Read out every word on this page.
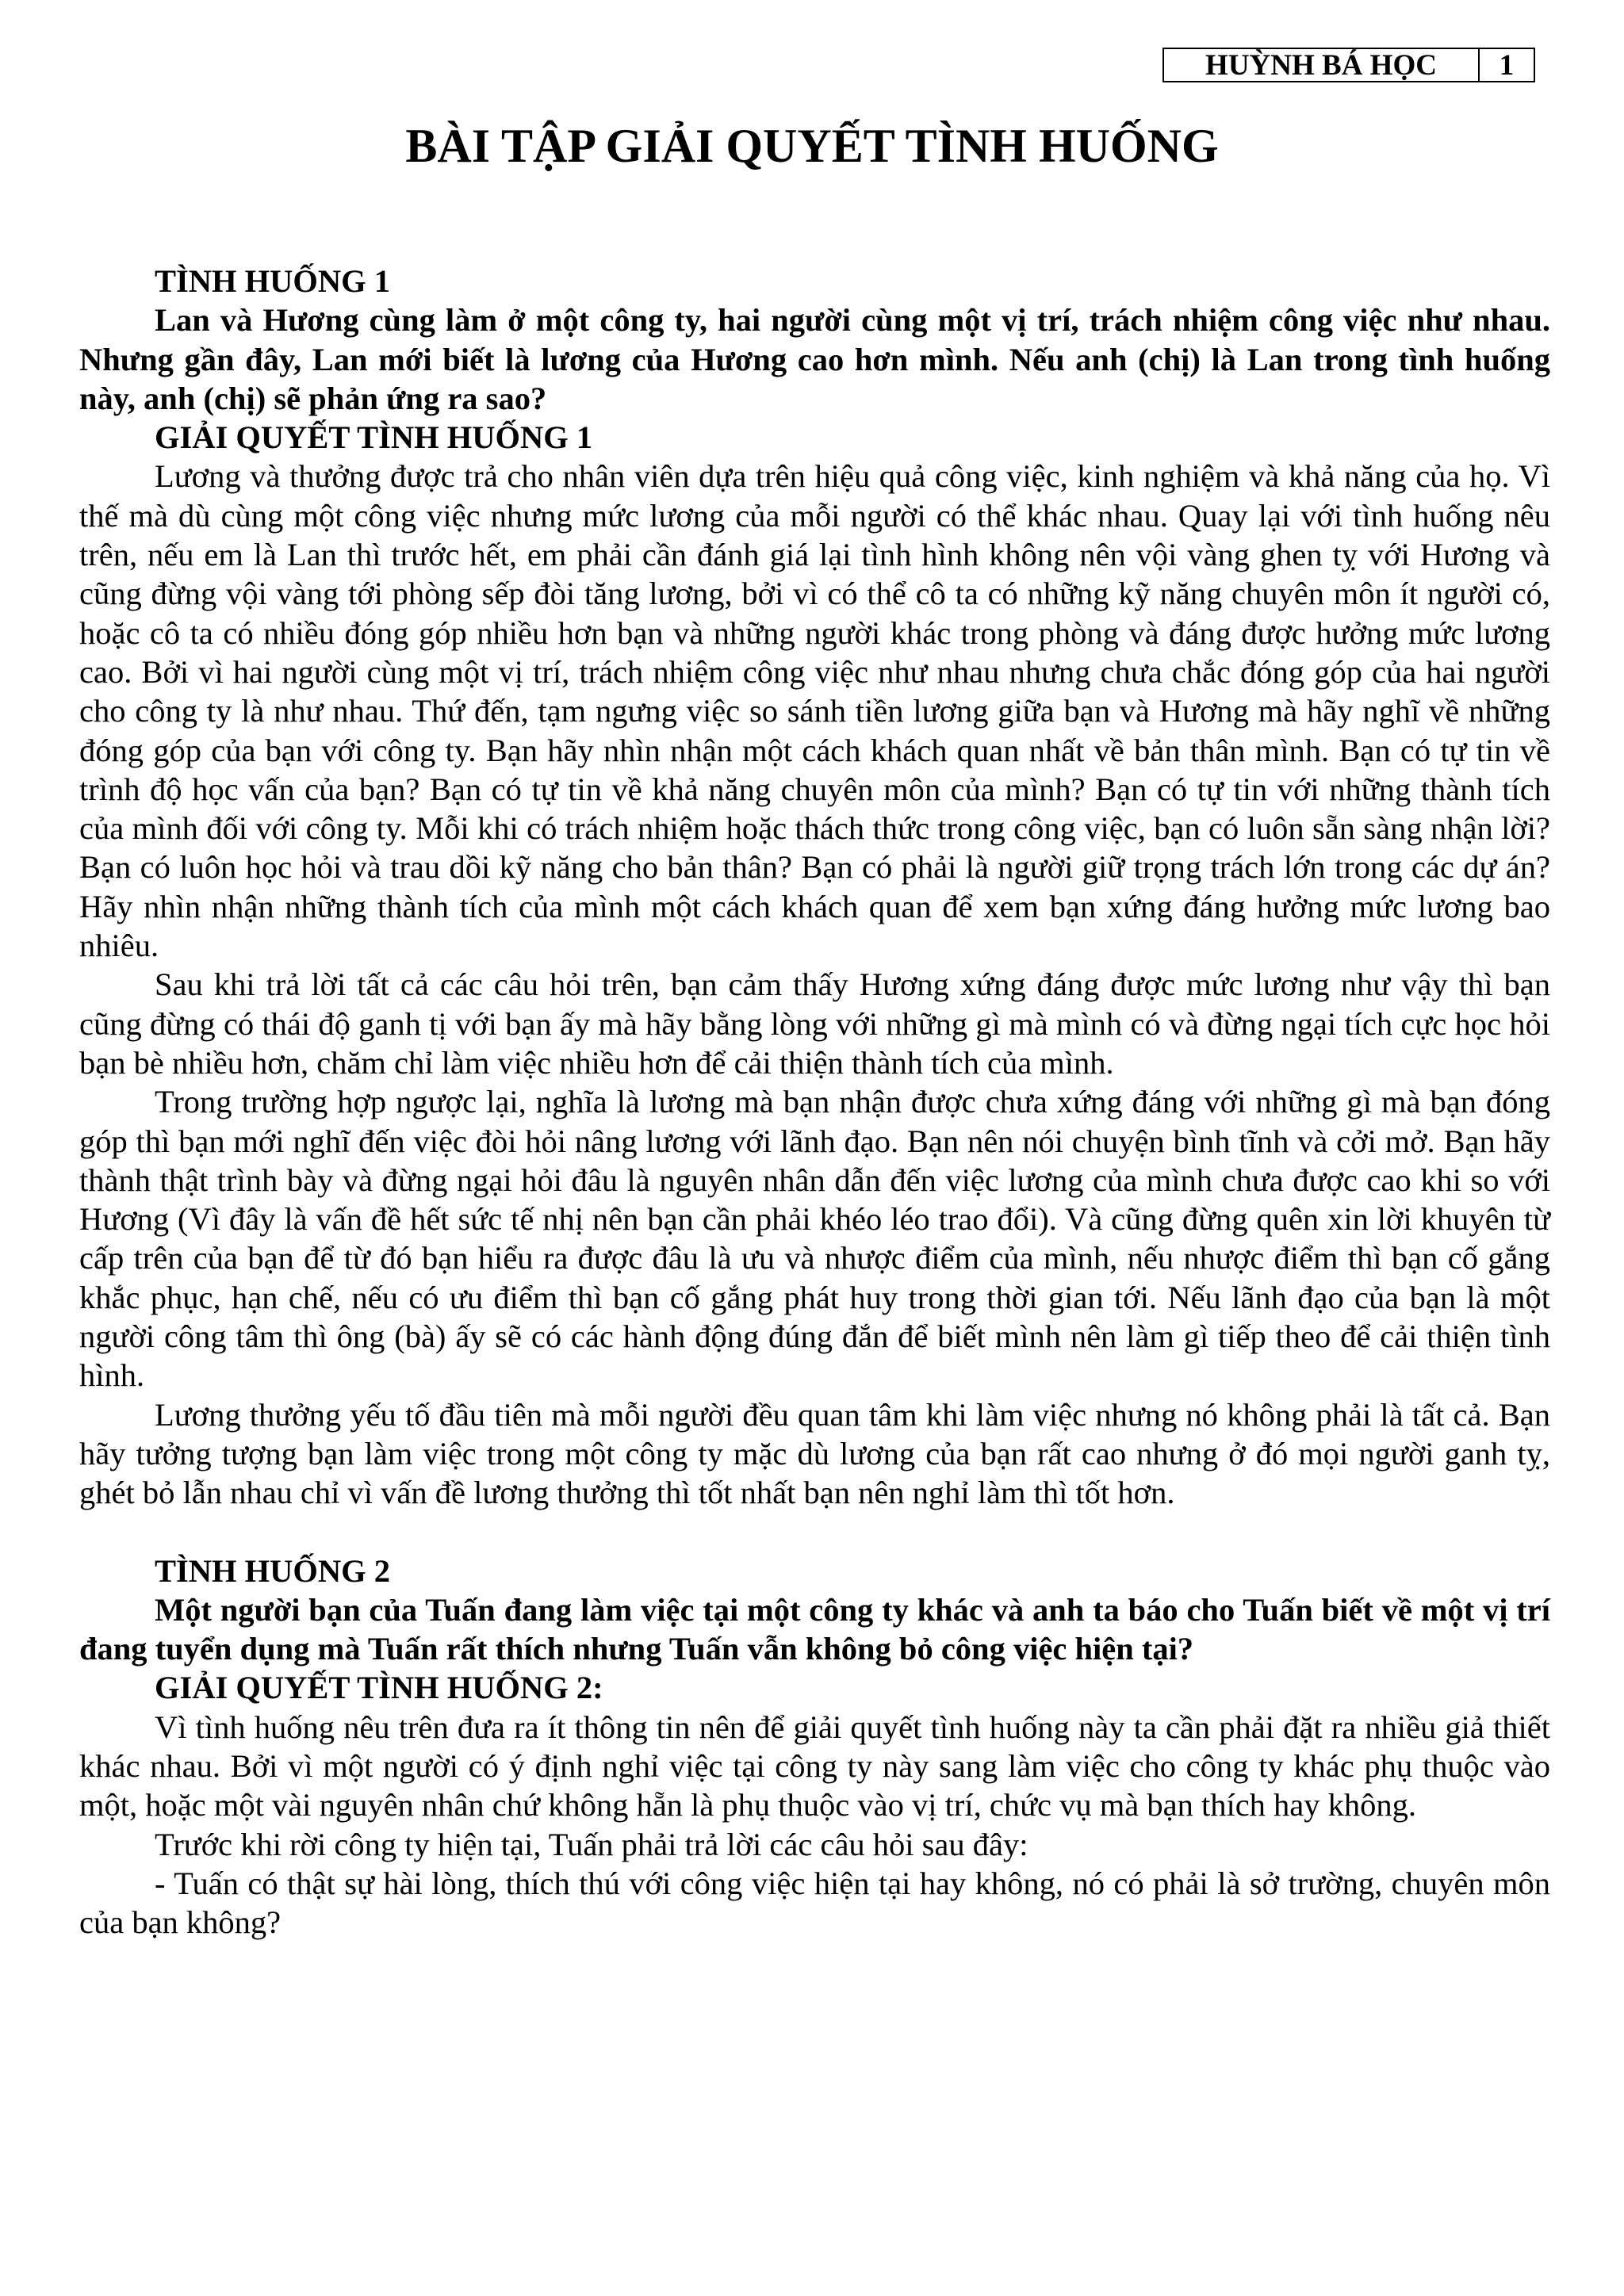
HUỲNH BÁ HỌC	1
BÀI TẬP GIẢI QUYẾT TÌNH HUỐNG

TÌNH HUỐNG 1

Lan và Hương cùng làm ở một công ty, hai người cùng một vị trí, trách nhiệm công việc như nhau. Nhưng gần đây, Lan mới biết là lương của Hương cao hơn mình. Nếu anh (chị) là Lan trong tình huống này, anh (chị) sẽ phản ứng ra sao?

GIẢI QUYẾT TÌNH HUỐNG 1

Lương và thưởng được trả cho nhân viên dựa trên hiệu quả công việc, kinh nghiệm và khả năng của họ. Vì thế mà dù cùng một công việc nhưng mức lương của mỗi người có thể khác nhau. Quay lại với tình huống nêu trên, nếu em là Lan thì trước hết, em phải cần đánh giá lại tình hình không nên vội vàng ghen tỵ với Hương và cũng đừng vội vàng tới phòng sếp đòi tăng lương, bởi vì có thể cô ta có những kỹ năng chuyên môn ít người có, hoặc cô ta có nhiều đóng góp nhiều hơn bạn và những người khác trong phòng và đáng được hưởng mức lương cao. Bởi vì hai người cùng một vị trí, trách nhiệm công việc như nhau nhưng chưa chắc đóng góp của hai người cho công ty là như nhau. Thứ đến, tạm ngưng việc so sánh tiền lương giữa bạn và Hương mà hãy nghĩ về những đóng góp của bạn với công ty. Bạn hãy nhìn nhận một cách khách quan nhất về bản thân mình. Bạn có tự tin về trình độ học vấn của bạn? Bạn có tự tin về khả năng chuyên môn của mình? Bạn có tự tin với những thành tích của mình đối với công ty. Mỗi khi có trách nhiệm hoặc thách thức trong công việc, bạn có luôn sẵn sàng nhận lời? Bạn có luôn học hỏi và trau dồi kỹ năng cho bản thân? Bạn có phải là người giữ trọng trách lớn trong các dự án? Hãy nhìn nhận những thành tích của mình một cách khách quan để xem bạn xứng đáng hưởng mức lương bao nhiêu.

Sau khi trả lời tất cả các câu hỏi trên, bạn cảm thấy Hương xứng đáng được mức lương như vậy thì bạn cũng đừng có thái độ ganh tị với bạn ấy mà hãy bằng lòng với những gì mà mình có và đừng ngại tích cực học hỏi bạn bè nhiều hơn, chăm chỉ làm việc nhiều hơn để cải thiện thành tích của mình.

Trong trường hợp ngược lại, nghĩa là lương mà bạn nhận được chưa xứng đáng với những gì mà bạn đóng góp thì bạn mới nghĩ đến việc đòi hỏi nâng lương với lãnh đạo. Bạn nên nói chuyện bình tĩnh và cởi mở. Bạn hãy thành thật trình bày và đừng ngại hỏi đâu là nguyên nhân dẫn đến việc lương của mình chưa được cao khi so với Hương (Vì đây là vấn đề hết sức tế nhị nên bạn cần phải khéo léo trao đổi). Và cũng đừng quên xin lời khuyên từ cấp trên của bạn để từ đó bạn hiểu ra được đâu là ưu và nhược điểm của mình, nếu nhược điểm thì bạn cố gắng khắc phục, hạn chế, nếu có ưu điểm thì bạn cố gắng phát huy trong thời gian tới. Nếu lãnh đạo của bạn là một người công tâm thì ông (bà) ấy sẽ có các hành động đúng đắn để biết mình nên làm gì tiếp theo để cải thiện tình hình.

Lương thưởng yếu tố đầu tiên mà mỗi người đều quan tâm khi làm việc nhưng nó không phải là tất cả. Bạn hãy tưởng tượng bạn làm việc trong một công ty mặc dù lương của bạn rất cao nhưng ở đó mọi người ganh tỵ, ghét bỏ lẫn nhau chỉ vì vấn đề lương thưởng thì tốt nhất bạn nên nghỉ làm thì tốt hơn.

TÌNH HUỐNG 2

Một người bạn của Tuấn đang làm việc tại một công ty khác và anh ta báo cho Tuấn biết về một vị trí đang tuyển dụng mà Tuấn rất thích nhưng Tuấn vẫn không bỏ công việc hiện tại?

GIẢI QUYẾT TÌNH HUỐNG 2:

Vì tình huống nêu trên đưa ra ít thông tin nên để giải quyết tình huống này ta cần phải đặt ra nhiều giả thiết khác nhau. Bởi vì một người có ý định nghỉ việc tại công ty này sang làm việc cho công ty khác phụ thuộc vào một, hoặc một vài nguyên nhân chứ không hẵn là phụ thuộc vào vị trí, chức vụ mà bạn thích hay không.

Trước khi rời công ty hiện tại, Tuấn phải trả lời các câu hỏi sau đây:

- Tuấn có thật sự hài lòng, thích thú với công việc hiện tại hay không, nó có phải là sở trường, chuyên môn của bạn không?
